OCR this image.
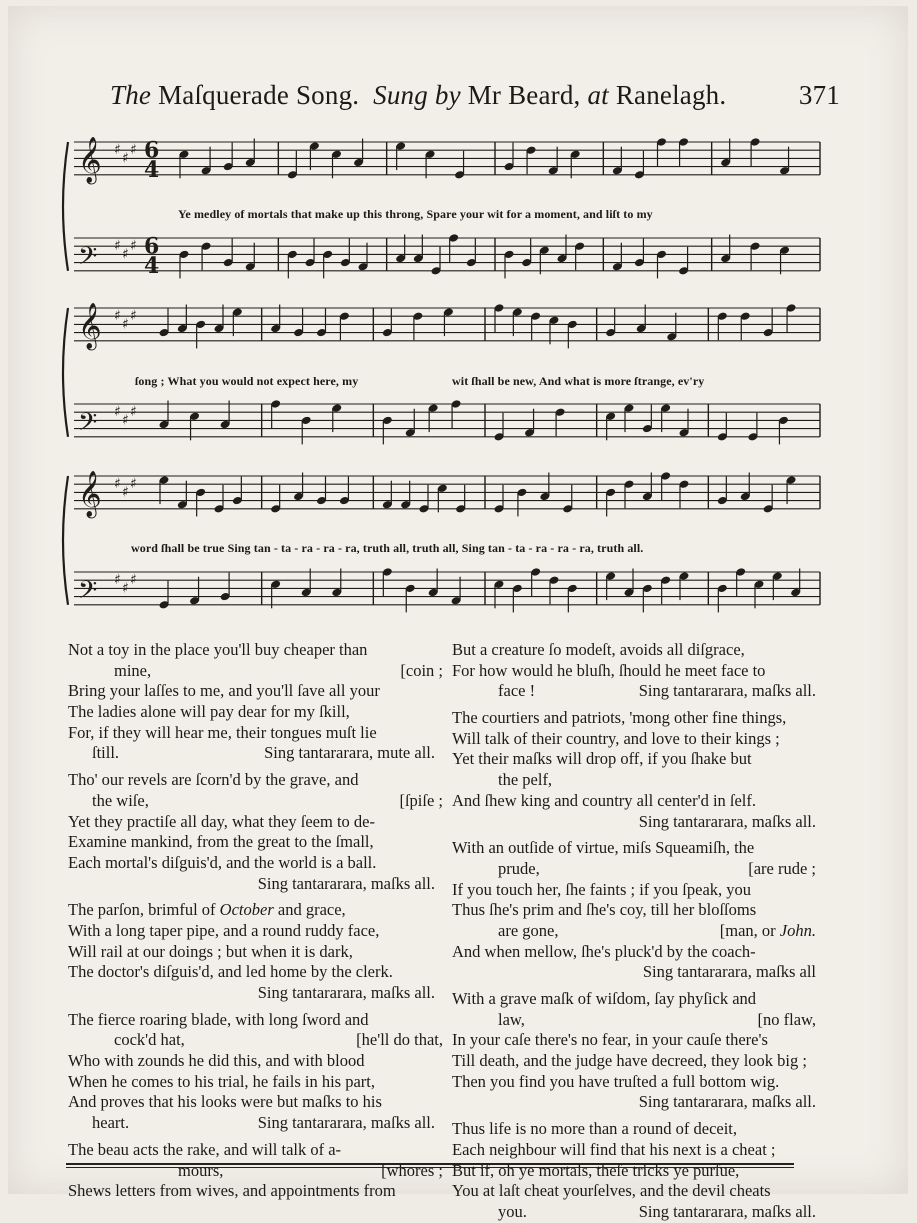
The Maſquerade Song. Sung by Mr Beard, at Ranelagh.	371
𝄞 ♯
♯
♯ 6
4
𝄢 ♯
♯
♯ 6
4
𝄞 ♯
♯
♯
𝄢 ♯
♯
♯
𝄞 ♯
♯
♯
𝄢 ♯
♯
♯
Ye medley of mortals that make up this throng, Spare your wit for a moment, and liſt to my
ſong ; What you would not expect here, my	wit ſhall be new, And what is more ſtrange, ev'ry
word ſhall be true Sing tan - ta - ra - ra - ra, truth all, truth all, Sing tan - ta - ra - ra - ra, truth all.
Not a toy in the place you'll buy cheaper than
mine,	[coin ;
Bring your laſſes to me, and you'll ſave all your
The ladies alone will pay dear for my ſkill,
For, if they will hear me, their tongues muſt lie
ſtill.	Sing tantararara, mute all.
Tho' our revels are ſcorn'd by the grave, and
the wiſe,	[ſpiſe ;
Yet they practiſe all day, what they ſeem to de-
Examine mankind, from the great to the ſmall,
Each mortal's diſguis'd, and the world is a ball.
Sing tantararara, maſks all.
The parſon, brimful of October and grace,
With a long taper pipe, and a round ruddy face,
Will rail at our doings ; but when it is dark,
The doctor's diſguis'd, and led home by the clerk.
Sing tantararara, maſks all.
The fierce roaring blade, with long ſword and
cock'd hat,	[he'll do that,
Who with zounds he did this, and with blood
When he comes to his trial, he fails in his part,
And proves that his looks were but maſks to his
heart.	Sing tantararara, maſks all.
The beau acts the rake, and will talk of a-
mours,	[whores ;
Shews letters from wives, and appointments from
But a creature ſo modeſt, avoids all diſgrace,
For how would he bluſh, ſhould he meet face to
face !	Sing tantararara, maſks all.
The courtiers and patriots, 'mong other fine things,
Will talk of their country, and love to their kings ;
Yet their maſks will drop off, if you ſhake but
the pelf,
And ſhew king and country all center'd in ſelf.
Sing tantararara, maſks all.
With an outſide of virtue, miſs Squeamiſh, the
prude,	[are rude ;
If you touch her, ſhe faints ; if you ſpeak, you
Thus ſhe's prim and ſhe's coy, till her bloſſoms
are gone,	[man, or John.
And when mellow, ſhe's pluck'd by the coach-
Sing tantararara, maſks all
With a grave maſk of wiſdom, ſay phyſick and
law,	[no flaw,
In your caſe there's no fear, in your cauſe there's
Till death, and the judge have decreed, they look big ;
Then you find you have truſted a full bottom wig.
Sing tantararara, maſks all.
Thus life is no more than a round of deceit,
Each neighbour will find that his next is a cheat ;
But if, oh ye mortals, theſe tricks ye purſue,
You at laſt cheat yourſelves, and the devil cheats
you.	Sing tantararara, maſks all.
